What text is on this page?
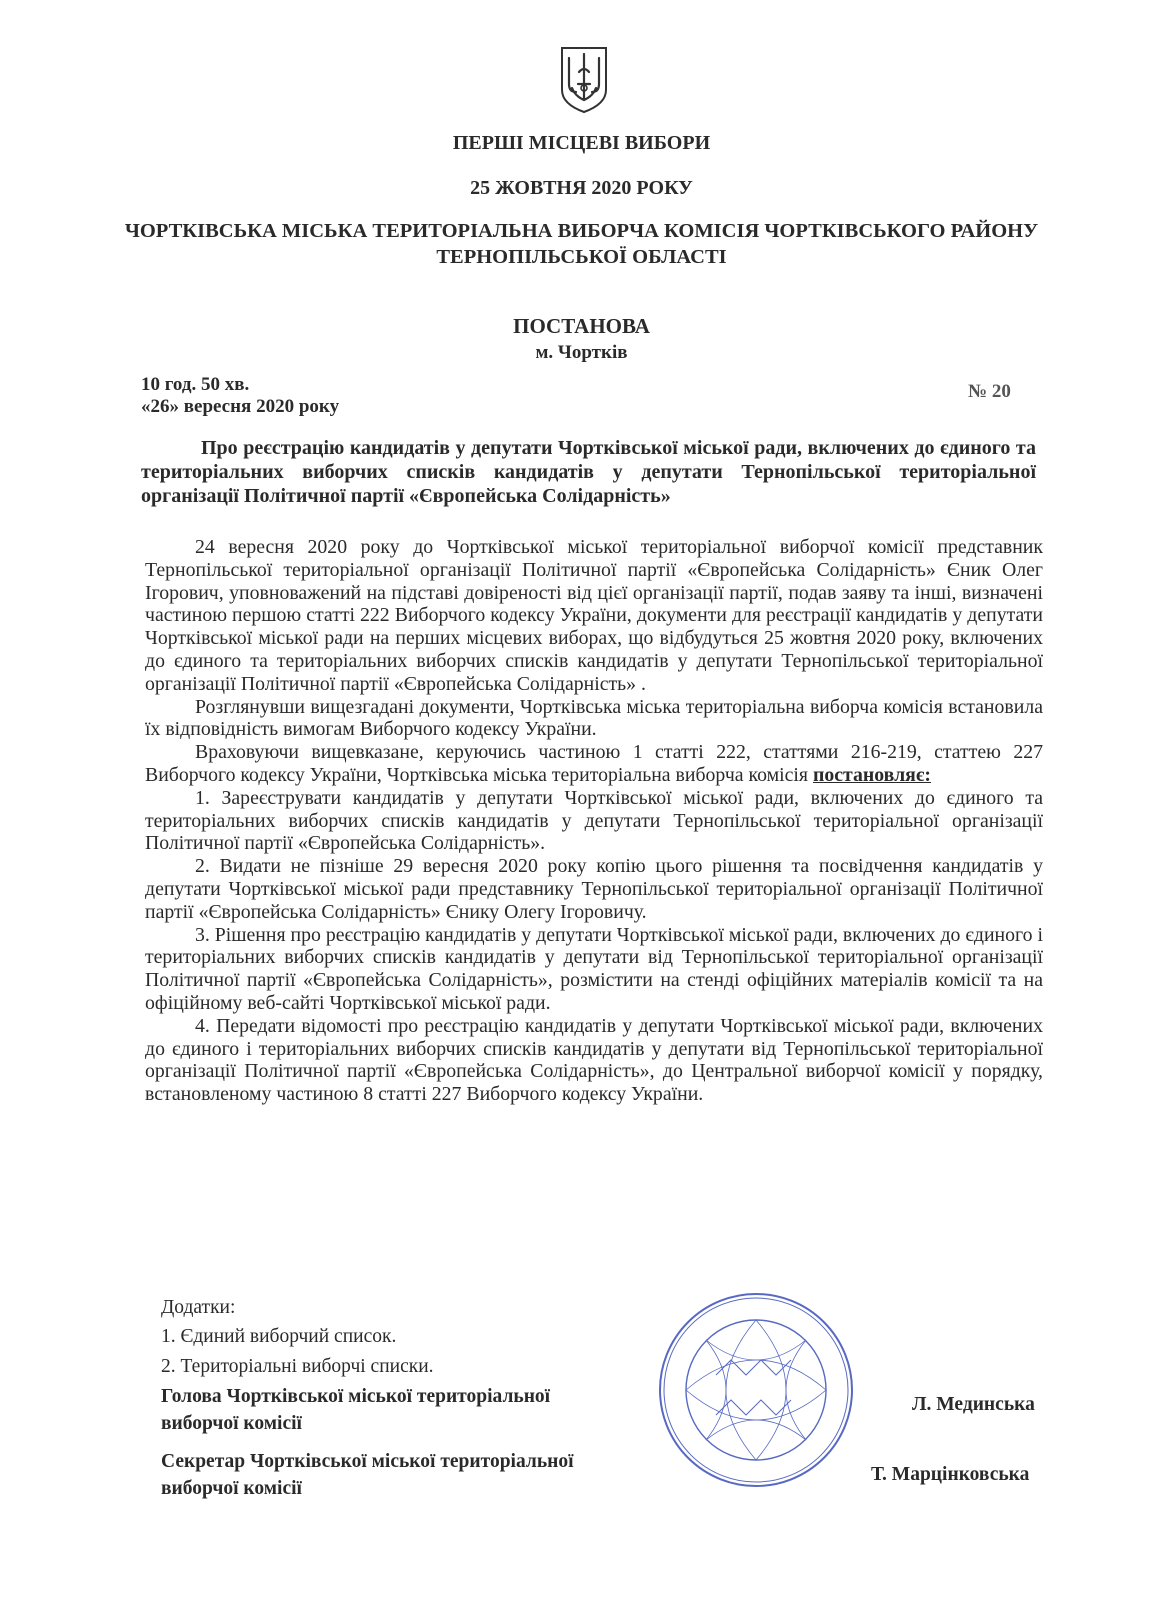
ПЕРШІ МІСЦЕВІ ВИБОРИ
25 ЖОВТНЯ 2020 РОКУ
ЧОРТКІВСЬКА МІСЬКА ТЕРИТОРІАЛЬНА ВИБОРЧА КОМІСІЯ ЧОРТКІВСЬКОГО РАЙОНУ ТЕРНОПІЛЬСЬКОЇ ОБЛАСТІ
ПОСТАНОВА
м. Чортків
10 год. 50 хв.
«26» вересня 2020 року
№ 20
Про реєстрацію кандидатів у депутати Чортківської міської ради, включених до єдиного та територіальних виборчих списків кандидатів у депутати Тернопільської територіальної організації Політичної партії «Європейська Солідарність»

24 вересня 2020 року до Чортківської міської територіальної виборчої комісії представник Тернопільської територіальної організації Політичної партії «Європейська Солідарність» Єник Олег Ігорович, уповноважений на підставі довіреності від цієї організації партії, подав заяву та інші, визначені частиною першою статті 222 Виборчого кодексу України, документи для реєстрації кандидатів у депутати Чортківської міської ради на перших місцевих виборах, що відбудуться 25 жовтня 2020 року, включених до єдиного та територіальних виборчих списків кандидатів у депутати Тернопільської територіальної організації Політичної партії «Європейська Солідарність» .

Розглянувши вищезгадані документи, Чортківська міська територіальна виборча комісія встановила їх відповідність вимогам Виборчого кодексу України.

Враховуючи вищевказане, керуючись частиною 1 статті 222, статтями 216-219, статтею 227 Виборчого кодексу України, Чортківська міська територіальна виборча комісія постановляє:

1. Зареєструвати кандидатів у депутати Чортківської міської ради, включених до єдиного та територіальних виборчих списків кандидатів у депутати Тернопільської територіальної організації Політичної партії «Європейська Солідарність».

2. Видати не пізніше 29 вересня 2020 року копію цього рішення та посвідчення кандидатів у депутати Чортківської міської ради представнику Тернопільської територіальної організації Політичної партії «Європейська Солідарність» Єнику Олегу Ігоровичу.

3. Рішення про реєстрацію кандидатів у депутати Чортківської міської ради, включених до єдиного і територіальних виборчих списків кандидатів у депутати від Тернопільської територіальної організації Політичної партії «Європейська Солідарність», розмістити на стенді офіційних матеріалів комісії та на офіційному веб-сайті Чортківської міської ради.

4. Передати відомості про реєстрацію кандидатів у депутати Чортківської міської ради, включених до єдиного і територіальних виборчих списків кандидатів у депутати від Тернопільської територіальної організації Політичної партії «Європейська Солідарність», до Центральної виборчої комісії у порядку, встановленому частиною 8 статті 227 Виборчого кодексу України.

Додатки:
1. Єдиний виборчий список.
2. Територіальні виборчі списки.
Голова Чортківської міської територіальної виборчої комісії
Л. Мединська
Секретар Чортківської міської територіальної виборчої комісії
Т. Марцінковська
